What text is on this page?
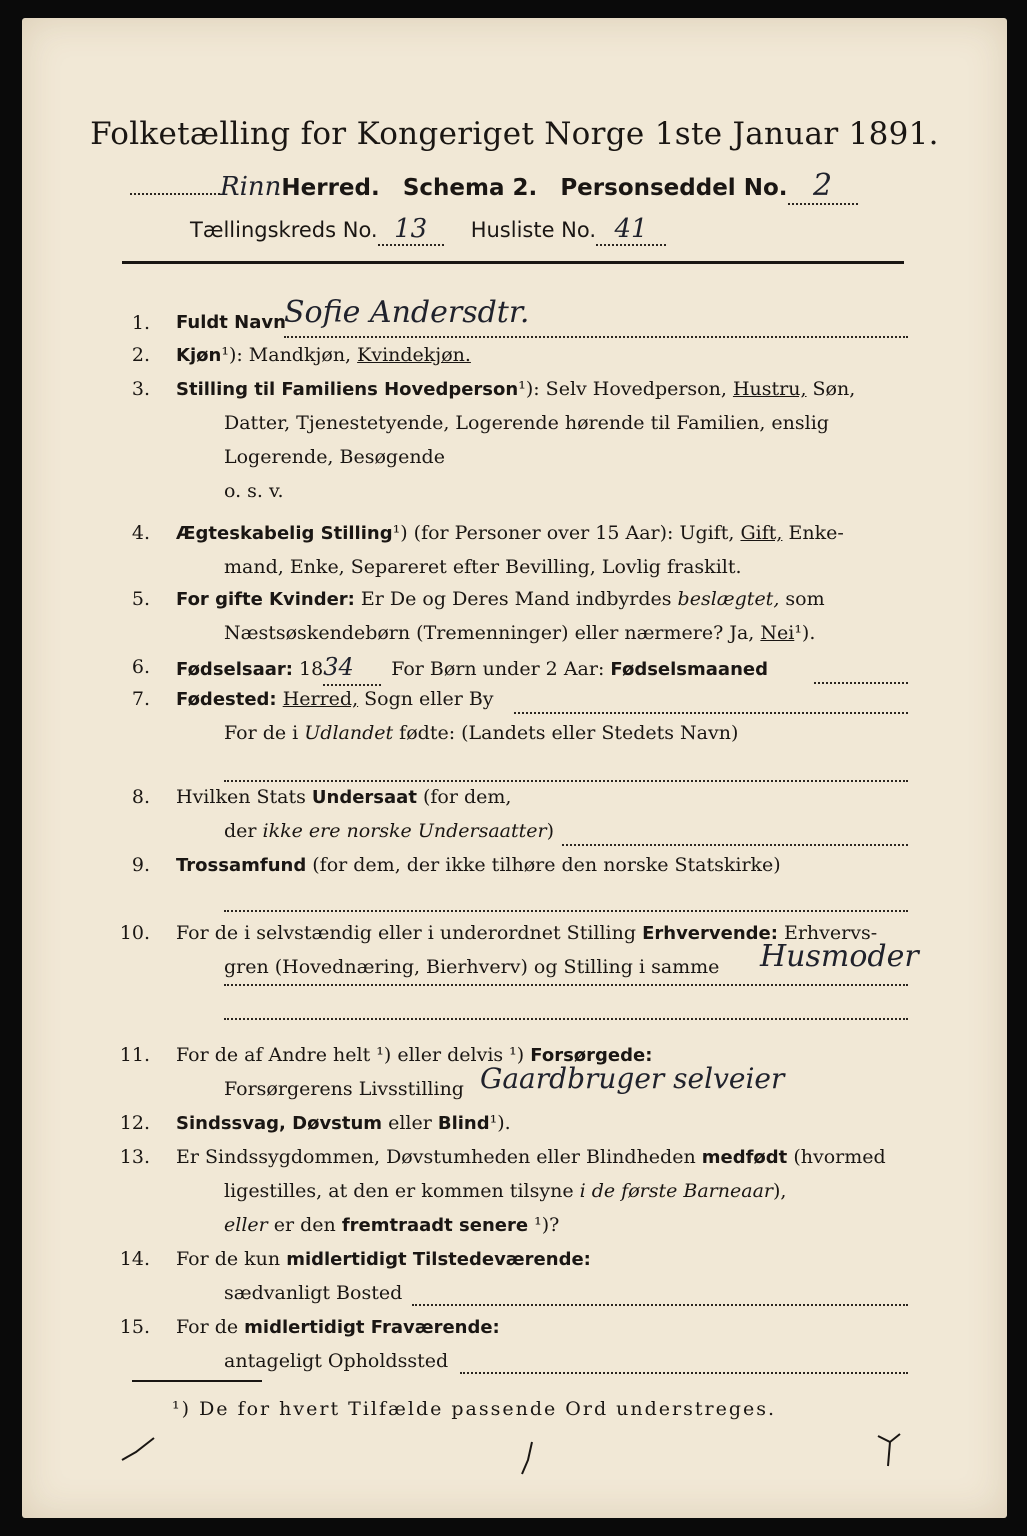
Folketælling for Kongeriget Norge 1ste Januar 1891.
RinnHerred. Schema 2. Personseddel No. 2
Tællingskreds No. 13 Husliste No. 41
1. Fuldt Navn
Sofie Andersdtr.
2. Kjøn¹): Mandkjøn, Kvindekjøn.
3. Stilling til Familiens Hovedperson¹): Selv Hovedperson, Hustru, Søn,
Datter, Tjenestetyende, Logerende hørende til Familien, enslig
Logerende, Besøgende
o. s. v.
4. Ægteskabelig Stilling¹) (for Personer over 15 Aar): Ugift, Gift, Enke-
mand, Enke, Separeret efter Bevilling, Lovlig fraskilt.
5. For gifte Kvinder: Er De og Deres Mand indbyrdes beslægtet, som
Næstsøskendebørn (Tremenninger) eller nærmere? Ja, Nei¹).
6. Fødselsaar: 1834 For Børn under 2 Aar: Fødselsmaaned
7. Fødested: Herred, Sogn eller By
For de i Udlandet fødte: (Landets eller Stedets Navn)
8. Hvilken Stats Undersaat (for dem,
der ikke ere norske Undersaatter)
9. Trossamfund (for dem, der ikke tilhøre den norske Statskirke)
10. For de i selvstændig eller i underordnet Stilling Erhvervende: Erhvervs-
gren (Hovednæring, Bierhverv) og Stilling i samme Husmoder
11. For de af Andre helt ¹) eller delvis ¹) Forsørgede:
Forsørgerens Livsstilling Gaardbruger selveier
12. Sindssvag, Døvstum eller Blind¹).
13. Er Sindssygdommen, Døvstumheden eller Blindheden medfødt (hvormed
ligestilles, at den er kommen tilsyne i de første Barneaar),
eller er den fremtraadt senere ¹)?
14. For de kun midlertidigt Tilstedeværende:
sædvanligt Bosted
15. For de midlertidigt Fraværende:
antageligt Opholdssted
¹) De for hvert Tilfælde passende Ord understreges.
